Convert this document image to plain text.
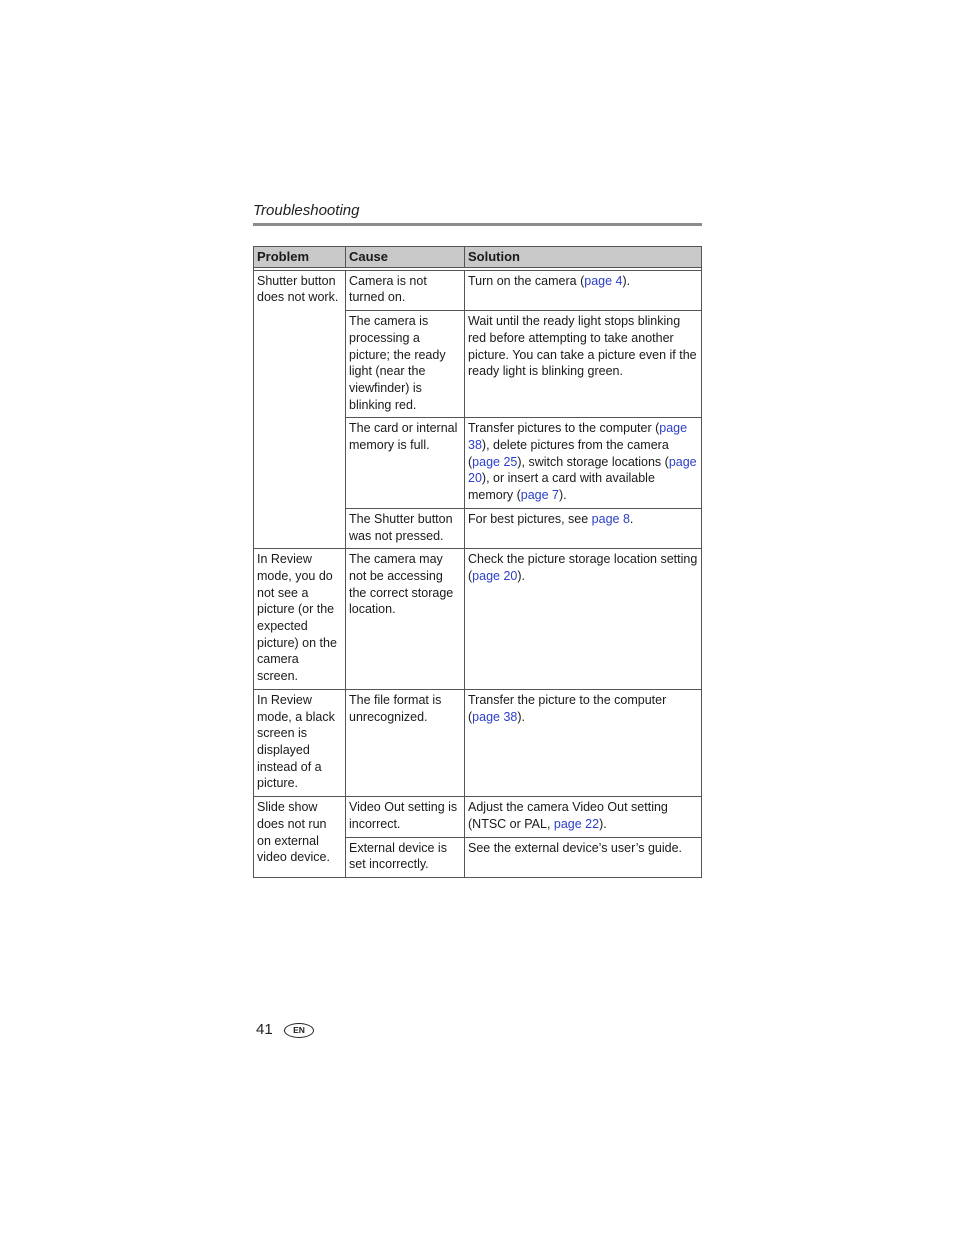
Troubleshooting
Problem	Cause	Solution

Shutter button does not work.	Camera is not turned on.	Turn on the camera (page 4).
	The camera is processing a picture; the ready light (near the viewfinder) is blinking red.	Wait until the ready light stops blinking red before attempting to take another picture. You can take a picture even if the ready light is blinking green.
	The card or internal memory is full.	Transfer pictures to the computer (page 38), delete pictures from the camera (page 25), switch storage locations (page 20), or insert a card with available memory (page 7).
	The Shutter button was not pressed.	For best pictures, see page 8.
In Review mode, you do not see a picture (or the expected picture) on the camera screen.	The camera may not be accessing the correct storage location.	Check the picture storage location setting (page 20).
In Review mode, a black screen is displayed instead of a picture.	The file format is unrecognized.	Transfer the picture to the computer (page 38).
Slide show does not run on external video device.	Video Out setting is incorrect.	Adjust the camera Video Out setting (NTSC or PAL, page 22).
	External device is set incorrectly.	See the external device’s user’s guide.
41	EN
